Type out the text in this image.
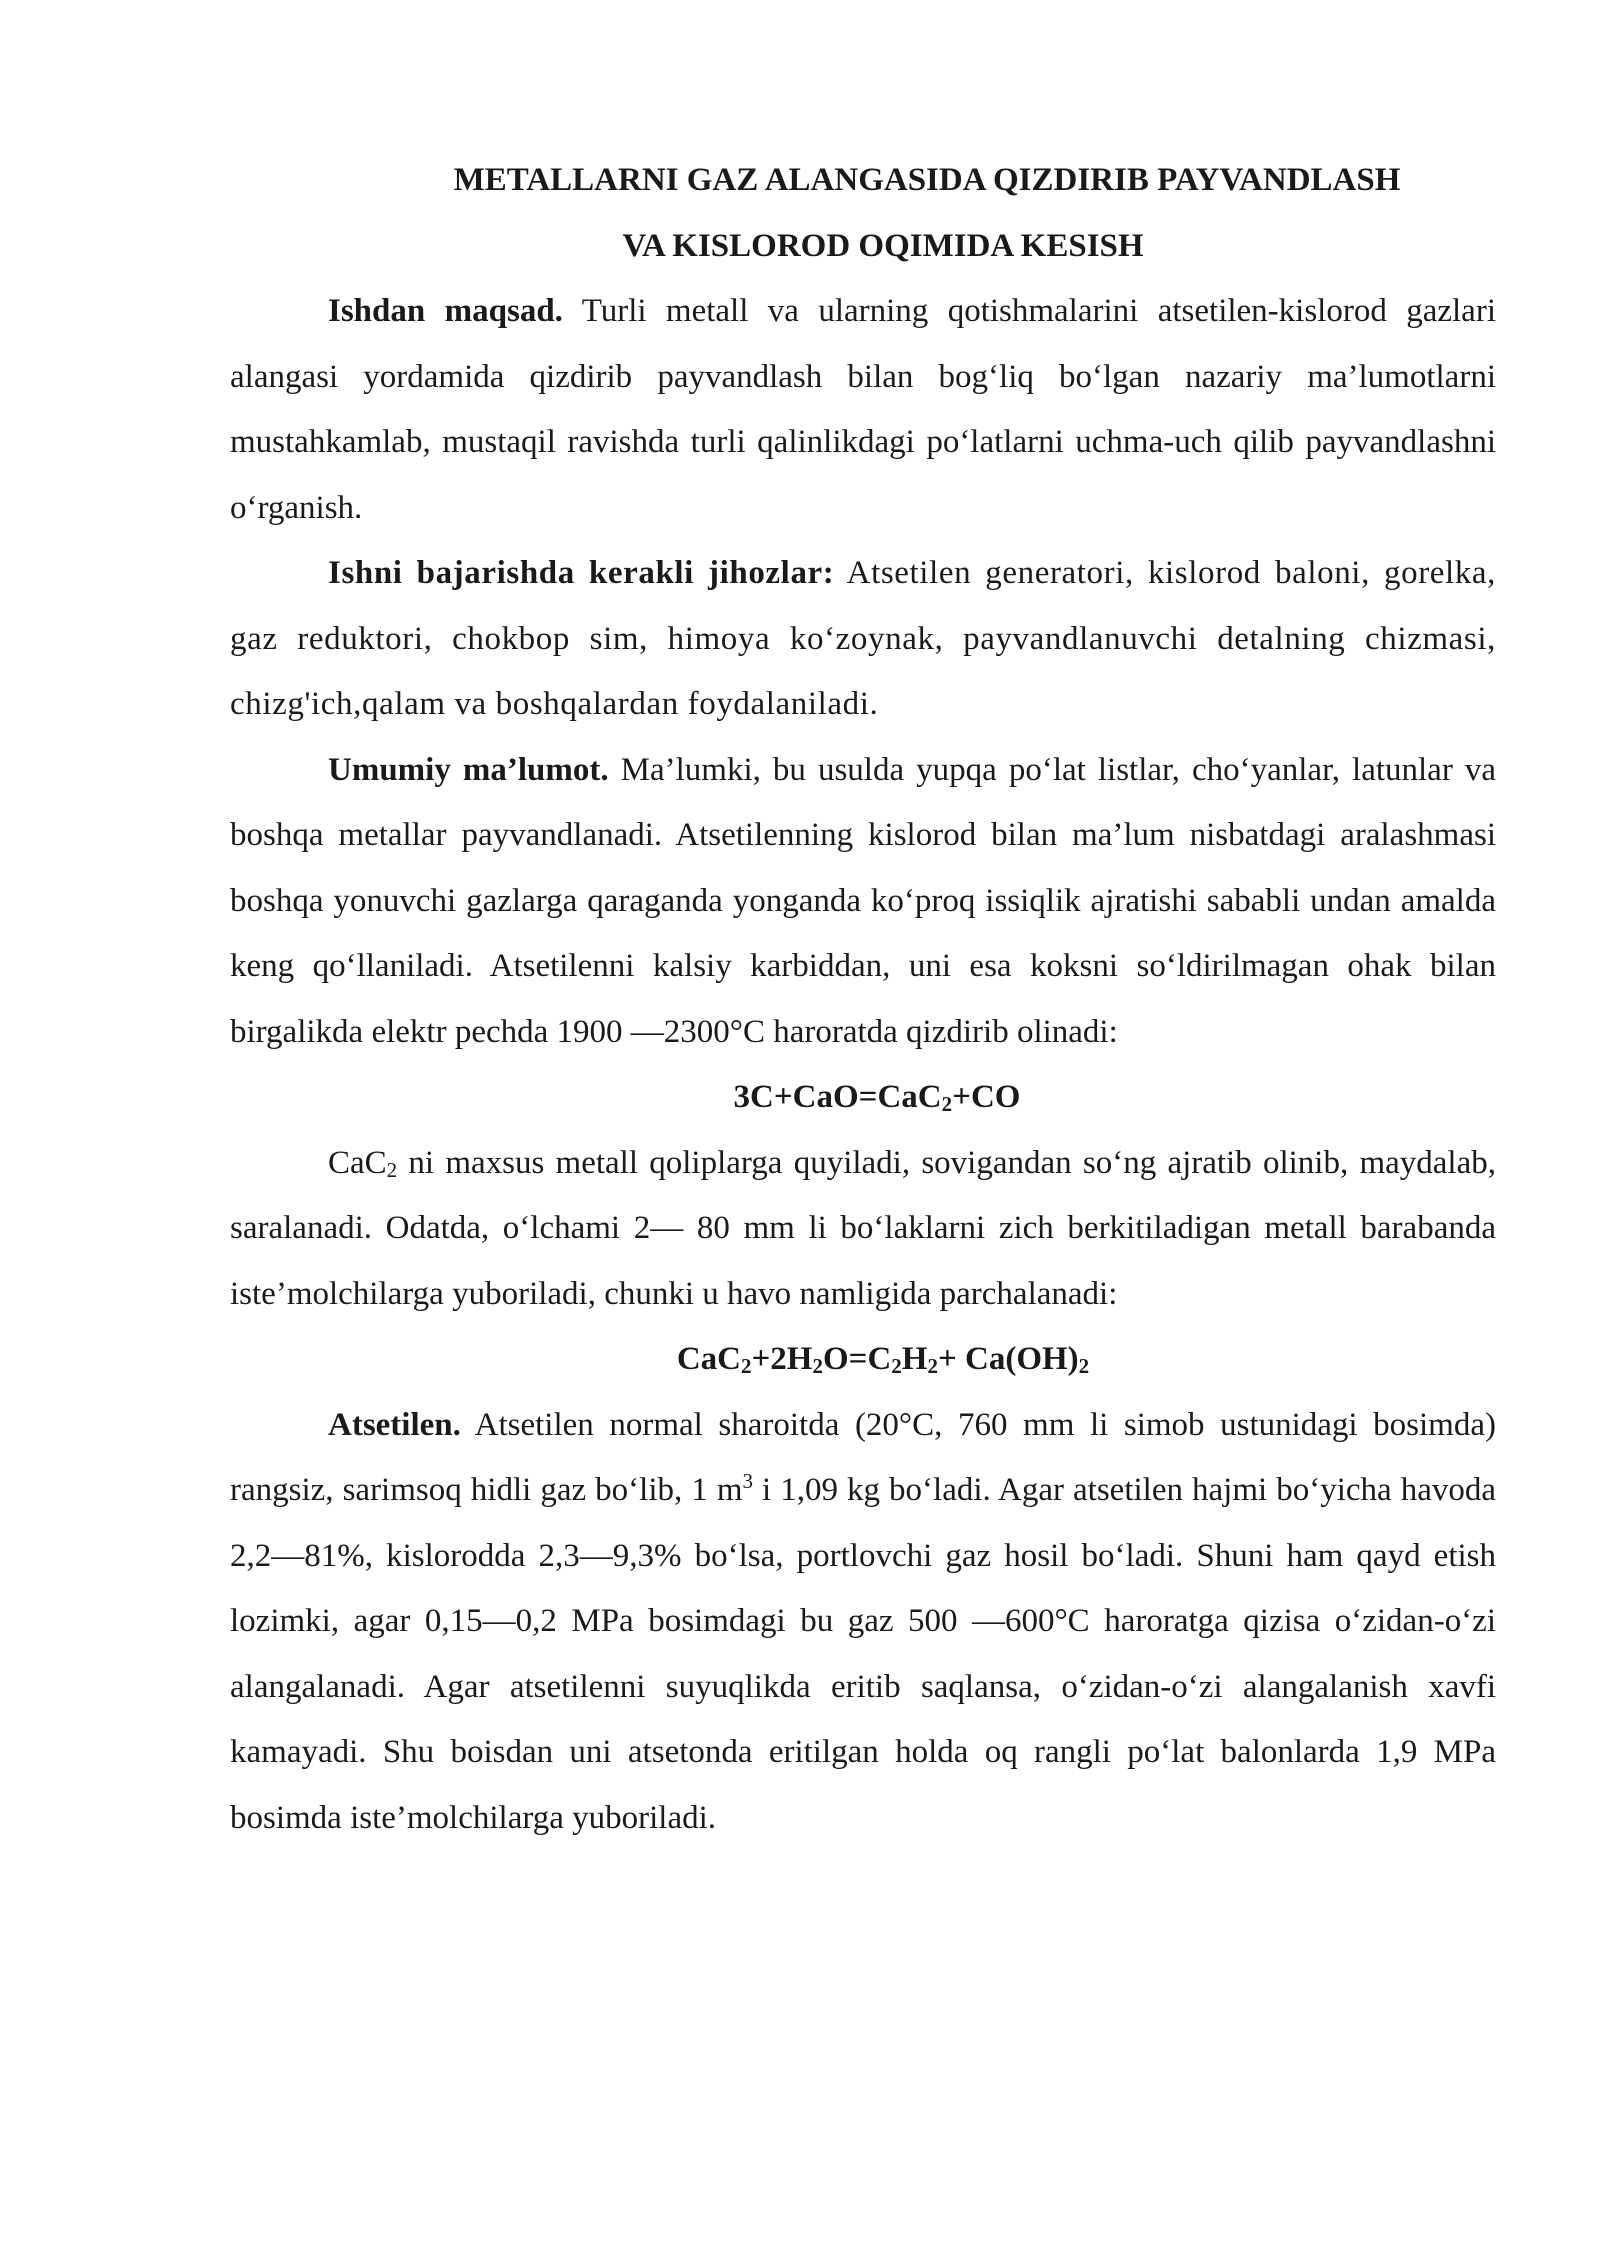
METALLARNI GAZ ALANGASIDA QIZDIRIB PAYVANDLASH
VA KISLOROD OQIMIDA KESISH

Ishdan maqsad. Turli metall va ularning qotishmalarini atsetilen-kislorod gazlari alangasi yordamida qizdirib payvandlash bilan bog‘liq bo‘lgan nazariy ma’lumotlarni mustahkamlab, mustaqil ravishda turli qalinlikdagi po‘latlarni uchma-uch qilib payvandlashni o‘rganish.

Ishni bajarishda kerakli jihozlar: Atsetilen generatori, kislorod baloni, gorelka, gaz reduktori, chokbop sim, himoya ko‘zoynak, payvandlanuvchi detalning chizmasi, chizg'ich,qalam va boshqalardan foydalaniladi.

Umumiy ma’lumot. Ma’lumki, bu usulda yupqa po‘lat listlar, cho‘yanlar, latunlar va boshqa metallar payvandlanadi. Atsetilenning kislorod bilan ma’lum nisbatdagi aralashmasi boshqa yonuvchi gazlarga qaraganda yonganda ko‘proq issiqlik ajratishi sababli undan amalda keng qo‘llaniladi. Atsetilenni kalsiy karbiddan, uni esa koksni so‘ldirilmagan ohak bilan birgalikda elektr pechda 1900 —2300°C haroratda qizdirib olinadi:

3C+CaO=CaC$_2$+CO

CaC$_2$ ni maxsus metall qoliplarga quyiladi, sovigandan so‘ng ajratib olinib, maydalab, saralanadi. Odatda, o‘lchami 2— 80 mm li bo‘laklarni zich berkitiladigan metall barabanda iste’molchilarga yuboriladi, chunki u havo namligida parchalanadi:

$CaC_2+2H_2O=C_2H_2+ Ca(OH)_2$

Atsetilen. Atsetilen normal sharoitda (20°C, 760 mm li simob ustunidagi bosimda) rangsiz, sarimsoq hidli gaz bo‘lib, 1 $m^3$ i 1,09 kg bo‘ladi. Agar atsetilen hajmi bo‘yicha havoda 2,2—81%, kislorodda 2,3—9,3% bo‘lsa, portlovchi gaz hosil bo‘ladi. Shuni ham qayd etish lozimki, agar 0,15—0,2 MPa bosimdagi bu gaz 500 —600°C haroratga qizisa o‘zidan-o‘zi alangalanadi. Agar atsetilenni suyuqlikda eritib saqlansa, o‘zidan-o‘zi alangalanish xavfi kamayadi. Shu boisdan uni atsetonda eritilgan holda oq rangli po‘lat balonlarda 1,9 MPa bosimda iste’molchilarga yuboriladi.
